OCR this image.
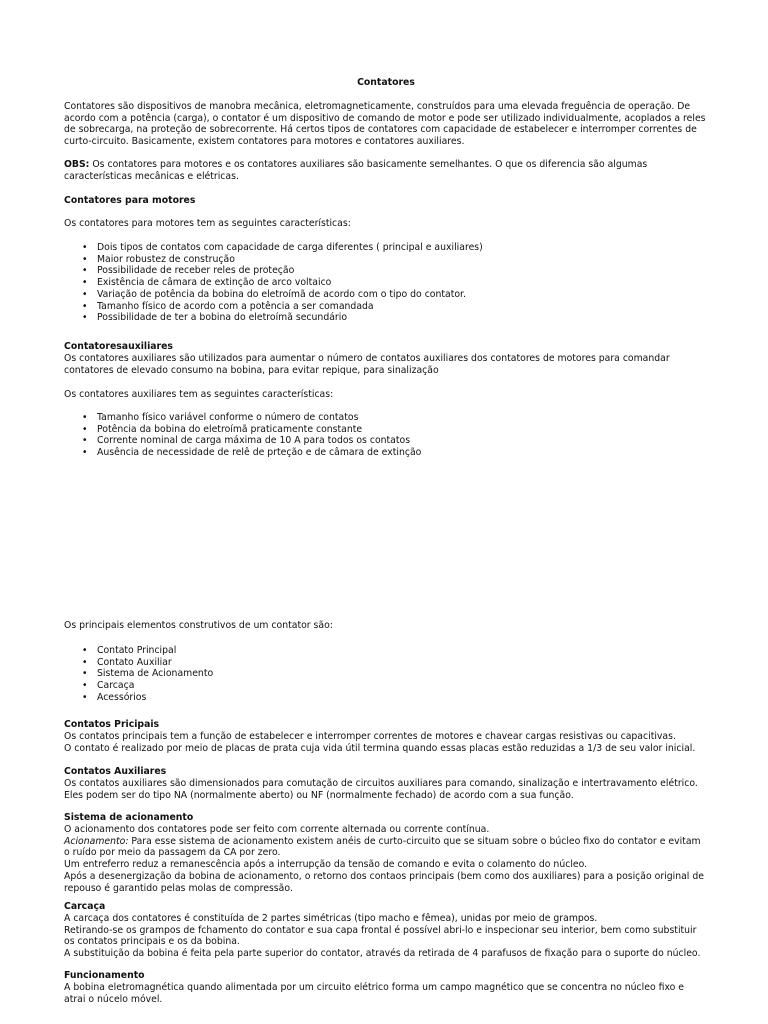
Contatores

Contatores são dispositivos de manobra mecânica, eletromagneticamente, construídos para uma elevada freguência de operação. De acordo com a potência (carga), o contator é um dispositivo de comando de motor e pode ser utilizado individualmente, acoplados a reles de sobrecarga, na proteção de sobrecorrente. Há certos tipos de contatores com capacidade de estabelecer e interromper correntes de curto-circuito. Basicamente, existem contatores para motores e contatores auxiliares.

OBS: Os contatores para motores e os contatores auxiliares são basicamente semelhantes. O que os diferencia são algumas características mecânicas e elétricas.

Contatores para motores

Os contatores para motores tem as seguintes características:

• Dois tipos de contatos com capacidade de carga diferentes ( principal e auxiliares)
• Maior robustez de construção
• Possibilidade de receber reles de proteção
• Existência de câmara de extinção de arco voltaico
• Variação de potência da bobina do eletroímã de acordo com o tipo do contator.
• Tamanho físico de acordo com a potência a ser comandada
• Possibilidade de ter a bobina do eletroímã secundário
Contatoresauxiliares

Os contatores auxiliares são utilizados para aumentar o número de contatos auxiliares dos contatores de motores para comandar contatores de elevado consumo na bobina, para evitar repique, para sinalização

Os contatores auxiliares tem as seguintes características:

• Tamanho físico variável conforme o número de contatos
• Potência da bobina do eletroímã praticamente constante
• Corrente nominal de carga máxima de 10 A para todos os contatos
• Ausência de necessidade de relê de prteção e de câmara de extinção

Os principais elementos construtivos de um contator são:

• Contato Principal
• Contato Auxiliar
• Sistema de Acionamento
• Carcaça
• Acessórios
Contatos Pricipais

Os contatos principais tem a função de estabelecer e interromper correntes de motores e chavear cargas resistivas ou capacitivas.

O contato é realizado por meio de placas de prata cuja vida útil termina quando essas placas estão reduzidas a 1/3 de seu valor inicial.

Contatos Auxiliares

Os contatos auxiliares são dimensionados para comutação de circuitos auxiliares para comando, sinalização e intertravamento elétrico.

Eles podem ser do tipo NA (normalmente aberto) ou NF (normalmente fechado) de acordo com a sua função.

Sistema de acionamento

O acionamento dos contatores pode ser feito com corrente alternada ou corrente contínua.

Acionamento: Para esse sistema de acionamento existem anéis de curto-circuito que se situam sobre o búcleo fixo do contator e evitam o ruído por meio da passagem da CA por zero.

Um entreferro reduz a remanescência após a interrupção da tensão de comando e evita o colamento do núcleo.

Após a desenergização da bobina de acionamento, o retorno dos contaos principais (bem como dos auxiliares) para a posição original de repouso é garantido pelas molas de compressão.

Carcaça

A carcaça dos contatores é constituída de 2 partes simétricas (tipo macho e fêmea), unidas por meio de grampos.

Retirando-se os grampos de fchamento do contator e sua capa frontal é possível abri-lo e inspecionar seu interior, bem como substituir os contatos principais e os da bobina.

A substituição da bobina é feita pela parte superior do contator, através da retirada de 4 parafusos de fixação para o suporte do núcleo.

Funcionamento

A bobina eletromagnética quando alimentada por um circuito elétrico forma um campo magnético que se concentra no núcleo fixo e atrai o núcelo móvel.
